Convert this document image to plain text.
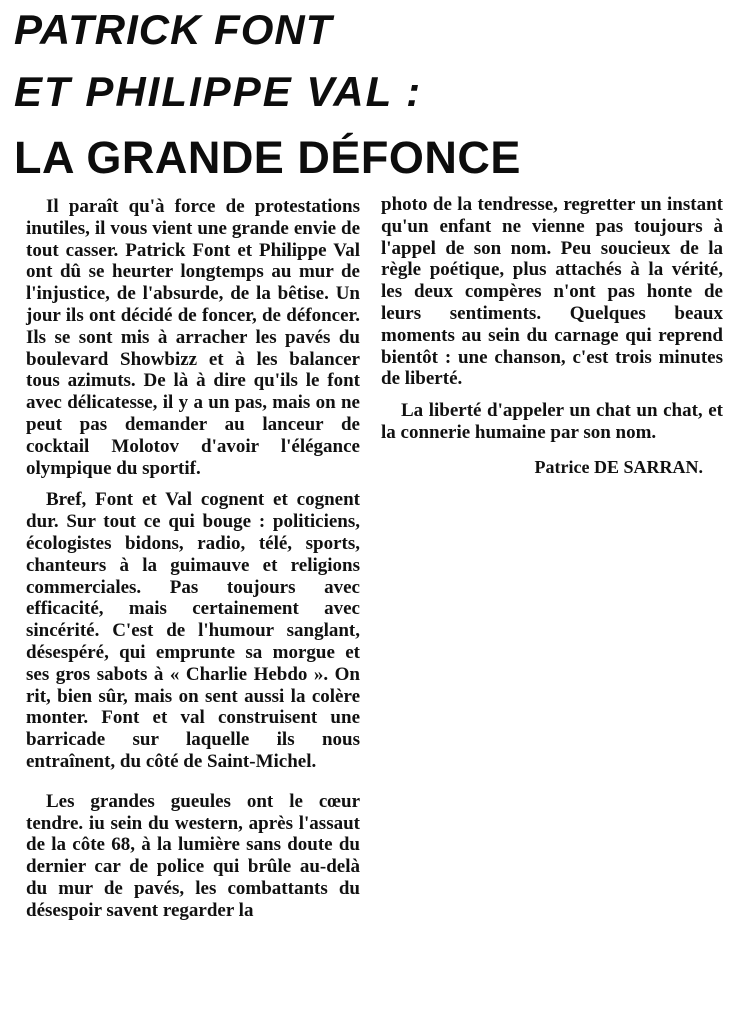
PATRICK FONT
ET PHILIPPE VAL :
LA GRANDE DÉFONCE

Il paraît qu'à force de protestations inutiles, il vous vient une grande envie de tout casser. Patrick Font et Philippe Val ont dû se heurter longtemps au mur de l'injustice, de l'absurde, de la bêtise. Un jour ils ont décidé de foncer, de défoncer. Ils se sont mis à arracher les pavés du boulevard Showbizz et à les balancer tous azimuts. De là à dire qu'ils le font avec délicatesse, il y a un pas, mais on ne peut pas demander au lanceur de cocktail Molotov d'avoir l'élégance olympique du sportif.

Bref, Font et Val cognent et cognent dur. Sur tout ce qui bouge : politiciens, écologistes bidons, radio, télé, sports, chanteurs à la guimauve et religions commerciales. Pas toujours avec efficacité, mais certainement avec sincérité. C'est de l'humour sanglant, désespéré, qui emprunte sa morgue et ses gros sabots à « Charlie Hebdo ». On rit, bien sûr, mais on sent aussi la colère monter. Font et val construisent une barricade sur laquelle ils nous entraînent, du côté de Saint-Michel.

Les grandes gueules ont le cœur tendre. iu sein du western, après l'assaut de la côte 68, à la lumière sans doute du dernier car de police qui brûle au-delà du mur de pavés, les combattants du désespoir savent regarder la

photo de la tendresse, regretter un instant qu'un enfant ne vienne pas toujours à l'appel de son nom. Peu soucieux de la règle poétique, plus attachés à la vérité, les deux compères n'ont pas honte de leurs sentiments. Quelques beaux moments au sein du carnage qui reprend bientôt : une chanson, c'est trois minutes de liberté.

La liberté d'appeler un chat un chat, et la connerie humaine par son nom.

Patrice DE SARRAN.
